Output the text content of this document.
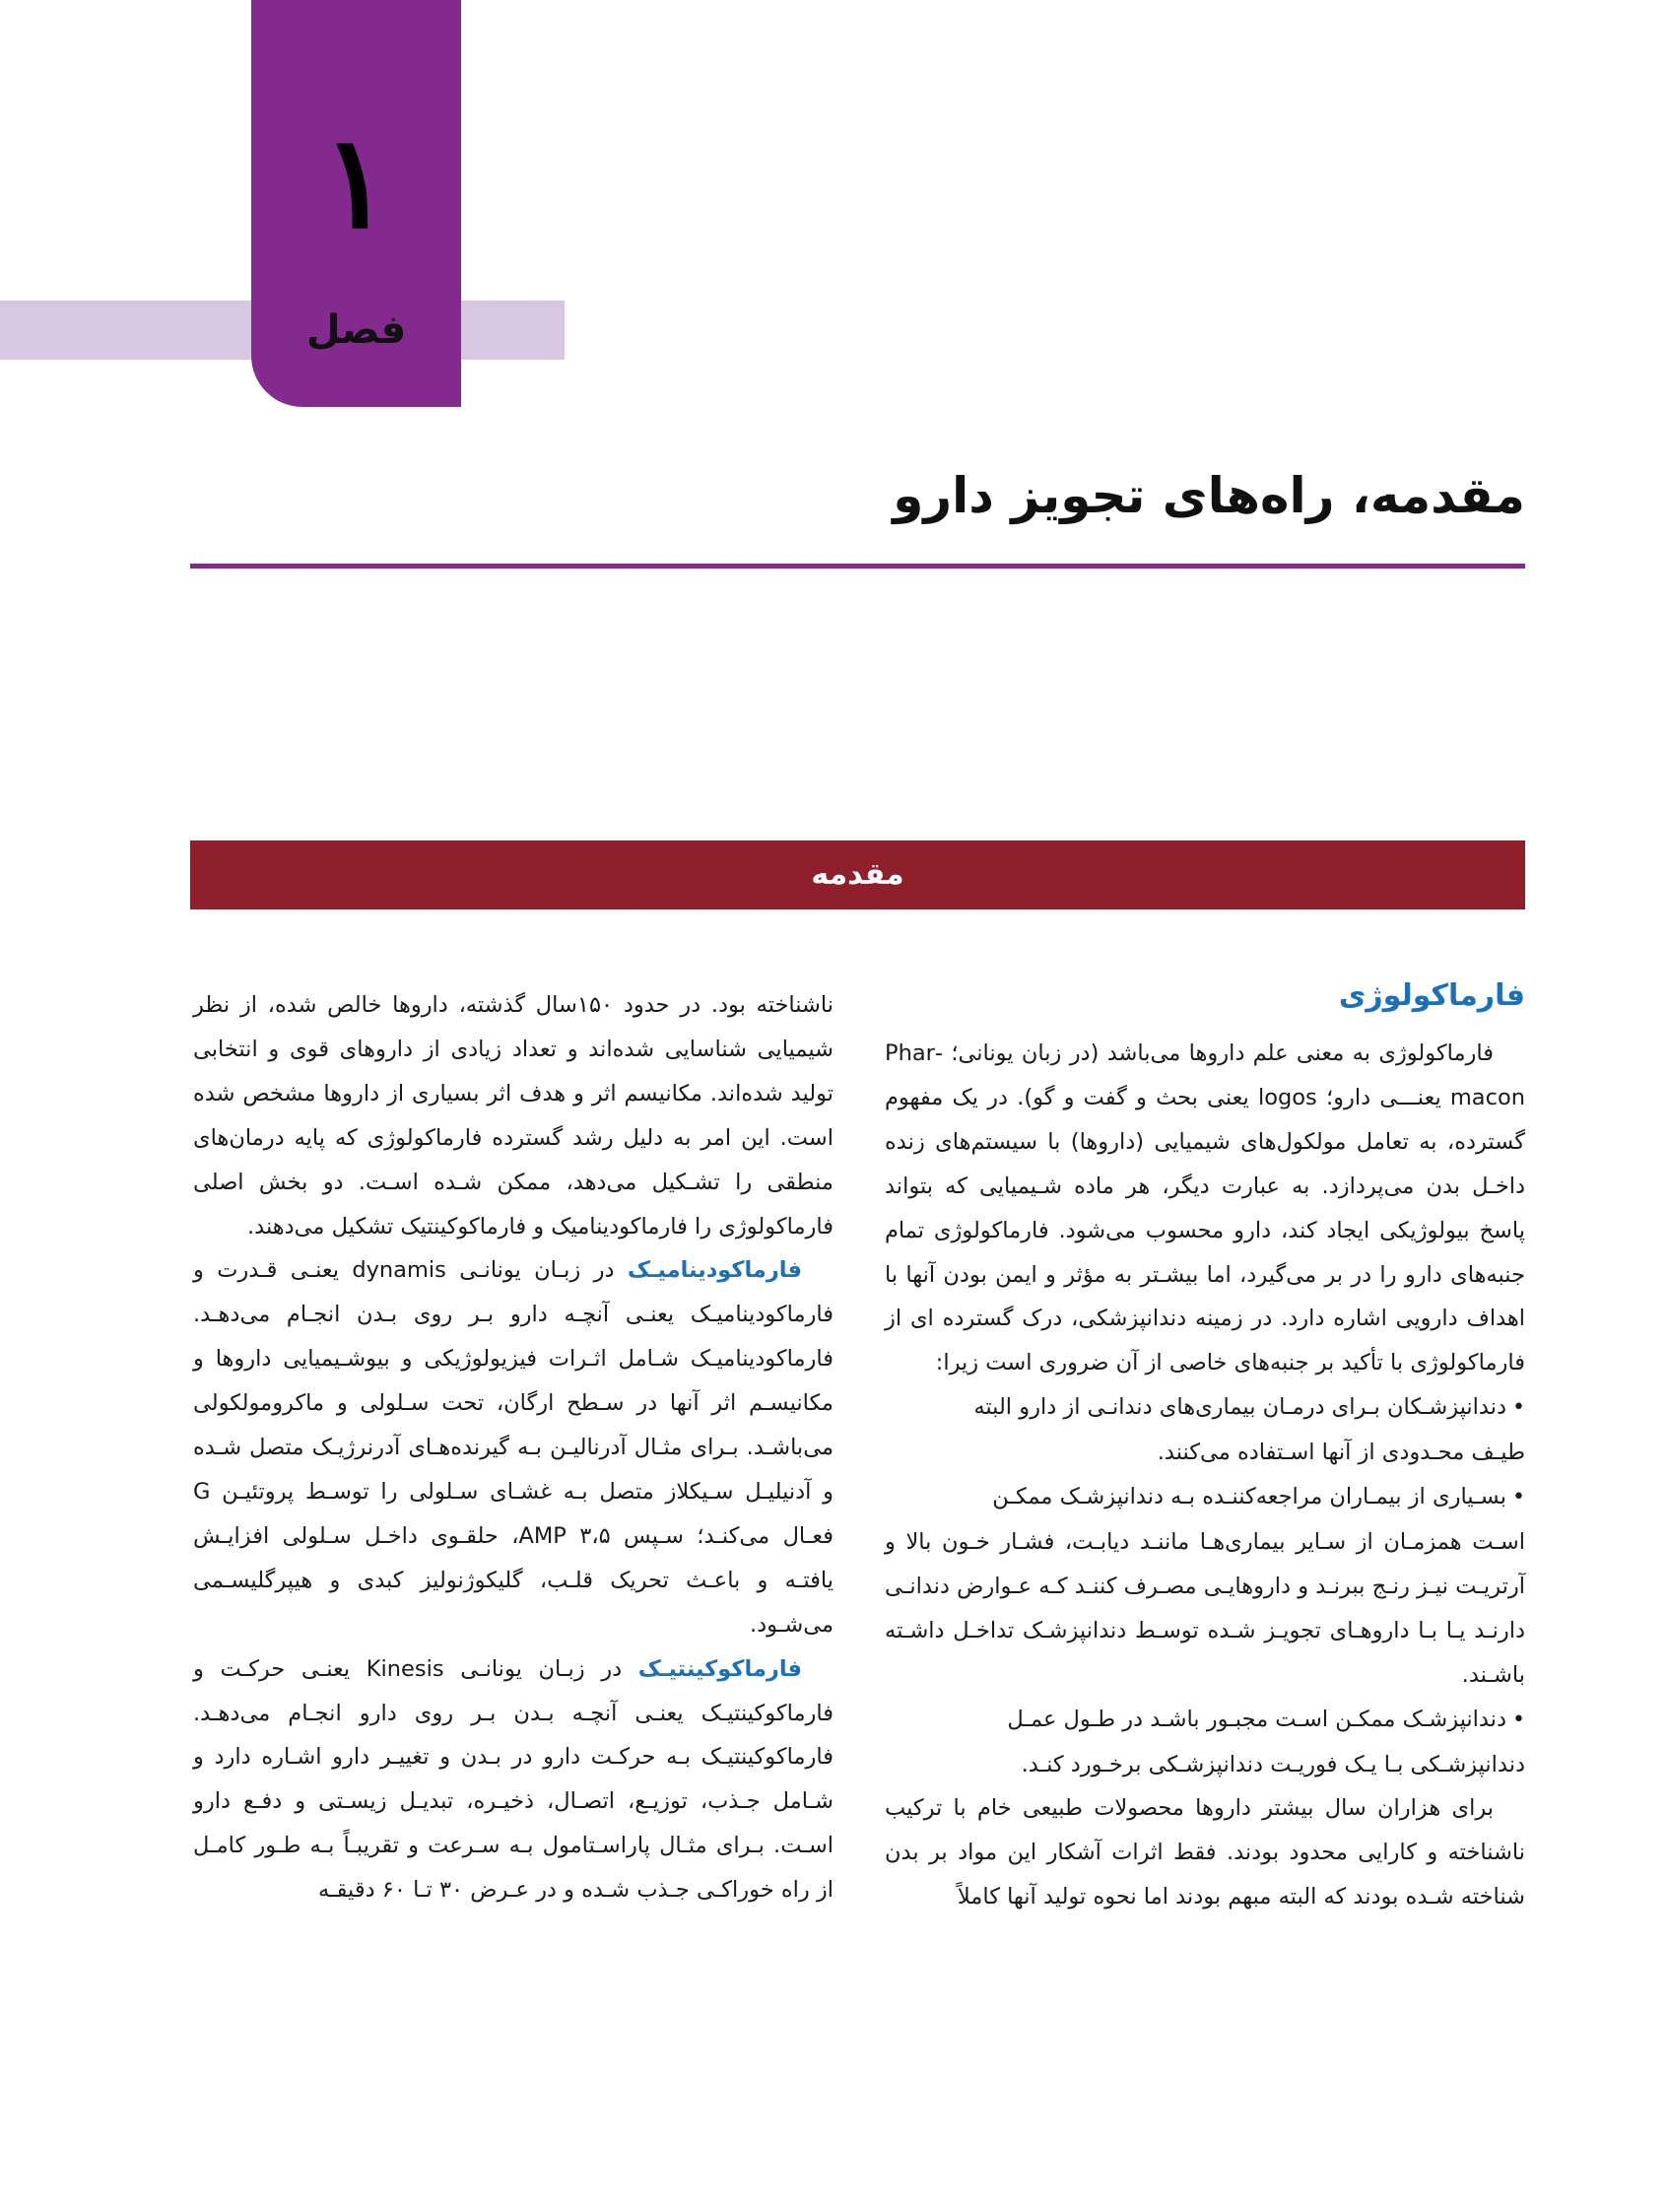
۱
فصل
مقدمه، راه‌های تجویز دارو
مقدمه
فارماکولوژی

فارماکولوژی به معنی علم داروها می‌باشد (در زبان یونانی؛ -Phar macon یعنـــی دارو؛ logos یعنی بحث و گفت و گو). در یک مفهوم گسترده، به تعامل مولکول‌های شیمیایی (داروها) با سیستم‌های زنده داخـل بدن می‌پردازد. به عبارت دیگر، هر ماده شـیمیایی که بتواند پاسخ بیولوژیکی ایجاد کند، دارو محسوب می‌شود. فارماکولوژی تمام جنبه‌های دارو را در بر می‌گیرد، اما بیشـتر به مؤثر و ایمن بودن آنها با اهداف دارویی اشاره دارد. در زمینه دندانپزشکی، درک گسترده ای از فارماکولوژی با تأکید بر جنبه‌های خاصی از آن ضروری است زیرا:

•دندانپزشـکان بـرای درمـان بیماری‌های دندانـی از دارو البته
طیـف محـدودی از آنها اسـتفاده می‌کنند.
•بسـیاری از بیمـاران مراجعه‌کننـده بـه دندانپزشـک ممکـن
اسـت همزمـان از سـایر بیماری‌هـا ماننـد دیابـت، فشـار خـون بالا و آرتریـت نیـز رنـج ببرنـد و داروهایـی مصـرف کننـد کـه عـوارض دندانـی دارنـد یـا بـا داروهـای تجویـز شـده توسـط دندانپزشـک تداخـل داشـته باشـند.
•دندانپزشـک ممکـن اسـت مجبـور باشـد در طـول عمـل
دندانپزشـکی بـا یـک فوریـت دندانپزشـکی برخـورد کنـد.

برای هزاران سال بیشتر داروها محصولات طبیعی خام با ترکیب ناشناخته و کارایی محدود بودند. فقط اثرات آشکار این مواد بر بدن شناخته شـده بودند که البته مبهم بودند اما نحوه تولید آنها کاملاً

ناشناخته بود. در حدود ۱۵۰سال گذشته، داروها خالص شده، از نظر شیمیایی شناسایی شده‌اند و تعداد زیادی از داروهای قوی و انتخابی تولید شده‌اند. مکانیسم اثر و هدف اثر بسیاری از داروها مشخص شده است. این امر به دلیل رشد گسترده فارماکولوژی که پایه درمان‌های منطقی را تشـکیل می‌دهد، ممکن شـده اسـت. دو بخش اصلی فارماکولوژی را فارماکودینامیک و فارماکوکینتیک تشکیل می‌دهند.

فارماکودینامیـک در زبـان یونانـی dynamis یعنـی قـدرت و فارماکودینامیـک یعنـی آنچـه دارو بـر روی بـدن انجـام می‌دهـد. فارماکودینامیـک شـامل اثـرات فیزیولوژیکی و بیوشـیمیایی داروها و مکانیسـم اثر آنها در سـطح ارگان، تحت سـلولی و ماکرومولکولی می‌باشـد. بـرای مثـال آدرنالیـن بـه گیرنده‌هـای آدرنرژیـک متصل شـده و آدنیلیـل سـیکلاز متصل بـه غشـای سـلولی را توسـط پروتئیـن G فعـال می‌کنـد؛ سـپس AMP ۳،۵، حلقـوی داخـل سـلولی افزایـش یافتـه و باعـث تحریک قلـب، گلیکوژنولیز کبدی و هیپرگلیسـمی می‌شـود.

فارماکوکینتیـک در زبـان یونانـی Kinesis یعنـی حرکـت و فارماکوکینتیـک یعنـی آنچـه بـدن بـر روی دارو انجـام می‌دهـد. فارماکوکینتیـک بـه حرکـت دارو در بـدن و تغییـر دارو اشـاره دارد و شـامل جـذب، توزیـع، اتصـال، ذخیـره، تبدیـل زیسـتی و دفـع دارو اسـت. بـرای مثـال پاراسـتامول بـه سـرعت و تقریبـاً بـه طـور کامـل از راه خوراکـی جـذب شـده و در عـرض ۳۰ تـا ۶۰ دقیقـه
